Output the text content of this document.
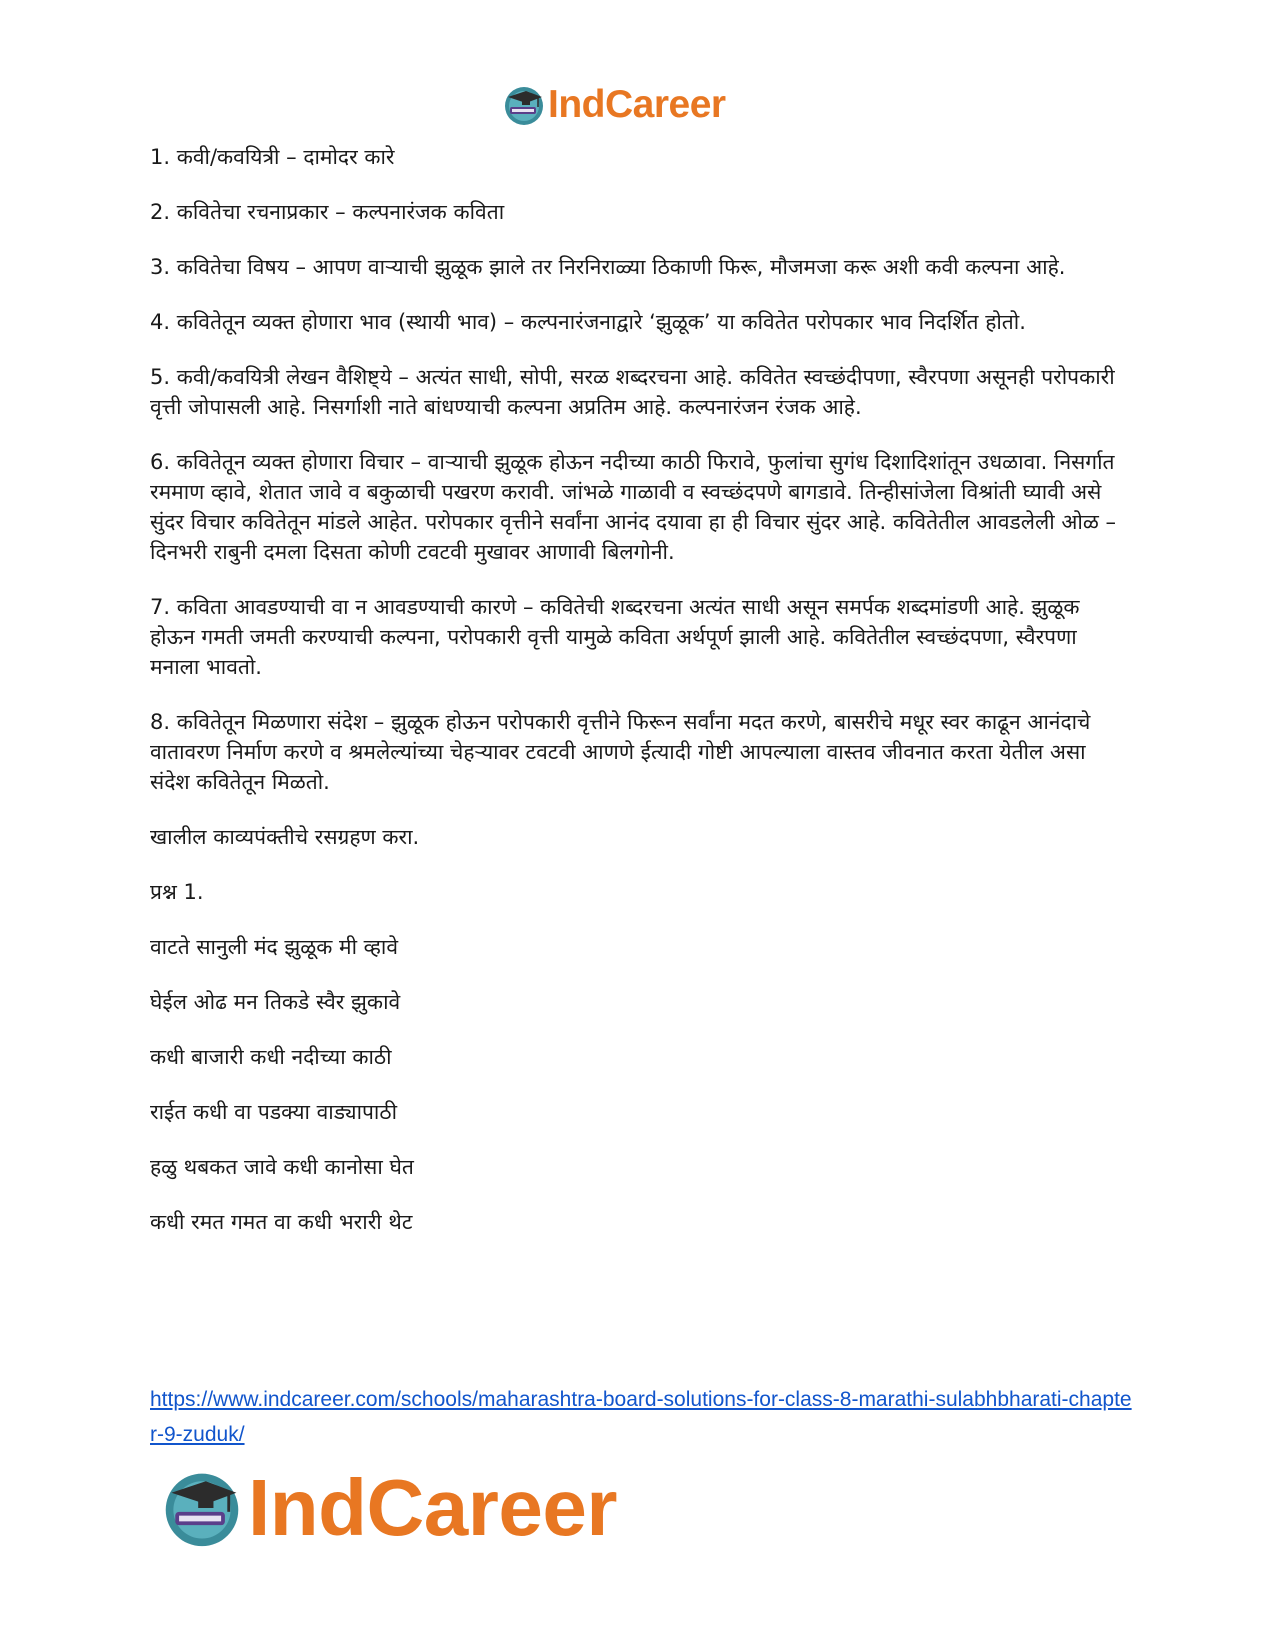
IndCareer

1. कवी/कवयित्री – दामोदर कारे

2. कवितेचा रचनाप्रकार – कल्पनारंजक कविता

3. कवितेचा विषय – आपण वाऱ्याची झुळूक झाले तर निरनिराळ्या ठिकाणी फिरू, मौजमजा करू अशी कवी कल्पना आहे.

4. कवितेतून व्यक्त होणारा भाव (स्थायी भाव) – कल्पनारंजनाद्वारे ‘झुळूक’ या कवितेत परोपकार भाव निदर्शित होतो.

5. कवी/कवयित्री लेखन वैशिष्ट्ये – अत्यंत साधी, सोपी, सरळ शब्दरचना आहे. कवितेत स्वच्छंदीपणा, स्वैरपणा असूनही परोपकारी वृत्ती जोपासली आहे. निसर्गाशी नाते बांधण्याची कल्पना अप्रतिम आहे. कल्पनारंजन रंजक आहे.

6. कवितेतून व्यक्त होणारा विचार – वाऱ्याची झुळूक होऊन नदीच्या काठी फिरावे, फुलांचा सुगंध दिशादिशांतून उधळावा. निसर्गात रममाण व्हावे, शेतात जावे व बकुळाची पखरण करावी. जांभळे गाळावी व स्वच्छंदपणे बागडावे. तिन्हीसांजेला विश्रांती घ्यावी असे सुंदर विचार कवितेतून मांडले आहेत. परोपकार वृत्तीने सर्वांना आनंद दयावा हा ही विचार सुंदर आहे. कवितेतील आवडलेली ओळ – दिनभरी राबुनी दमला दिसता कोणी टवटवी मुखावर आणावी बिलगोनी.

7. कविता आवडण्याची वा न आवडण्याची कारणे – कवितेची शब्दरचना अत्यंत साधी असून समर्पक शब्दमांडणी आहे. झुळूक होऊन गमती जमती करण्याची कल्पना, परोपकारी वृत्ती यामुळे कविता अर्थपूर्ण झाली आहे. कवितेतील स्वच्छंदपणा, स्वैरपणा मनाला भावतो.

8. कवितेतून मिळणारा संदेश – झुळूक होऊन परोपकारी वृत्तीने फिरून सर्वांना मदत करणे, बासरीचे मधूर स्वर काढून आनंदाचे वातावरण निर्माण करणे व श्रमलेल्यांच्या चेहऱ्यावर टवटवी आणणे ईत्यादी गोष्टी आपल्याला वास्तव जीवनात करता येतील असा संदेश कवितेतून मिळतो.

खालील काव्यपंक्तीचे रसग्रहण करा.

प्रश्न 1.

वाटते सानुली मंद झुळूक मी व्हावे

घेईल ओढ मन तिकडे स्वैर झुकावे

कधी बाजारी कधी नदीच्या काठी

राईत कधी वा पडक्या वाड्यापाठी

हळु थबकत जावे कधी कानोसा घेत

कधी रमत गमत वा कधी भरारी थेट

https://www.indcareer.com/schools/maharashtra-board-solutions-for-class-8-marathi-sulabhbharati-chapter-9-zuduk/
IndCareer
